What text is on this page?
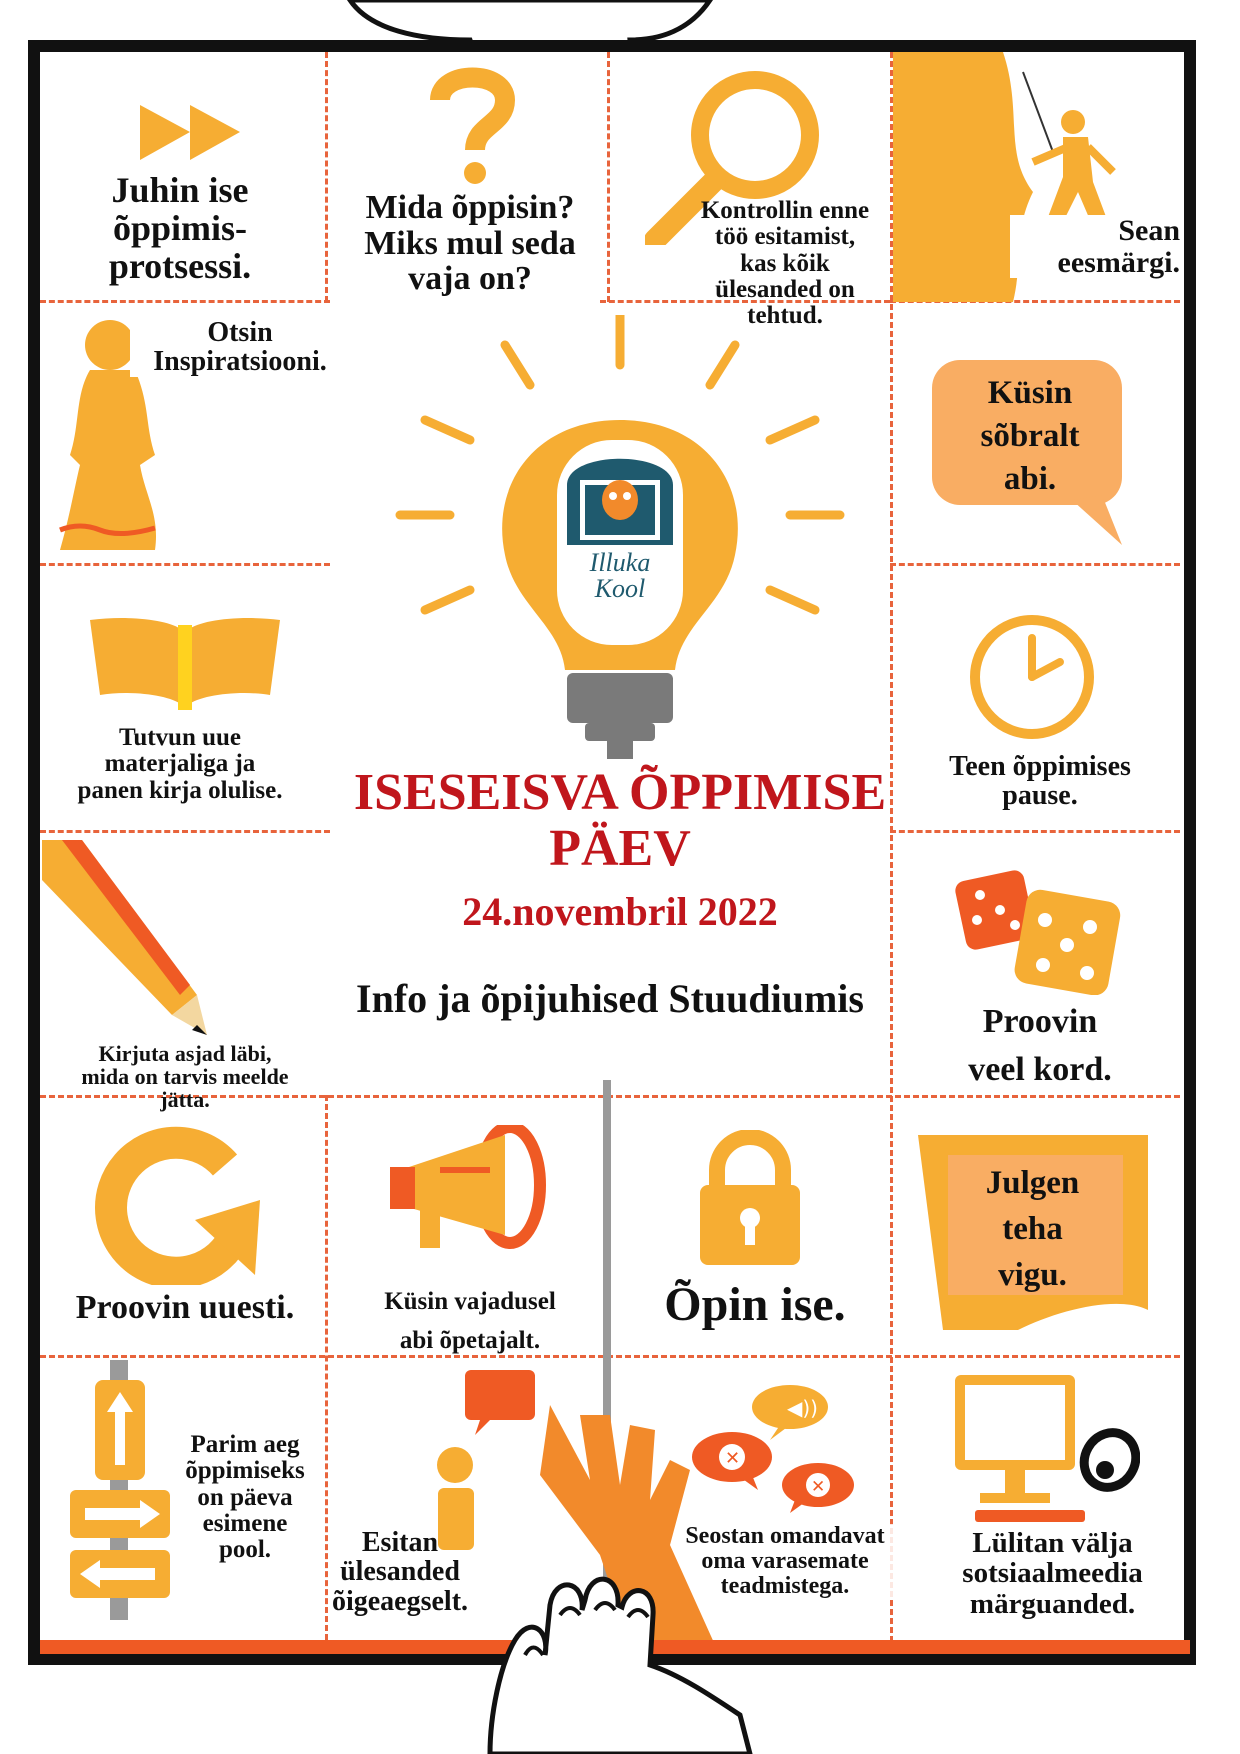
Juhin ise
õppimis-
protsessi.
Mida õppisin?
Miks mul seda
vaja on?
Kontrollin enne
töö esitamist,
kas kõik
ülesanded on
tehtud.
Sean
eesmärgi.
Otsin
Inspiratsiooni.
Küsin
sõbralt
abi.
Illuka
Kool
Tutvun uue
materjaliga ja
panen kirja olulise.
Teen õppimises
pause.
ISESEISVA ÕPPIMISE
PÄEV
24.novembril 2022
Info ja õpijuhised Stuudiumis
Kirjuta asjad läbi,
mida on tarvis meelde
jätta.
Proovin
veel kord.
Proovin uuesti.	Küsin vajadusel
abi õpetajalt.
Õpin ise.
Julgen
teha
vigu.
Parim aeg
õppimiseks
on päeva
esimene
pool.	Esitan
ülesanded
õigeaegselt.
◀))
✕
✕
Seostan omandavat
oma varasemate
teadmistega.
Lülitan välja
sotsiaalmeedia
märguanded.
